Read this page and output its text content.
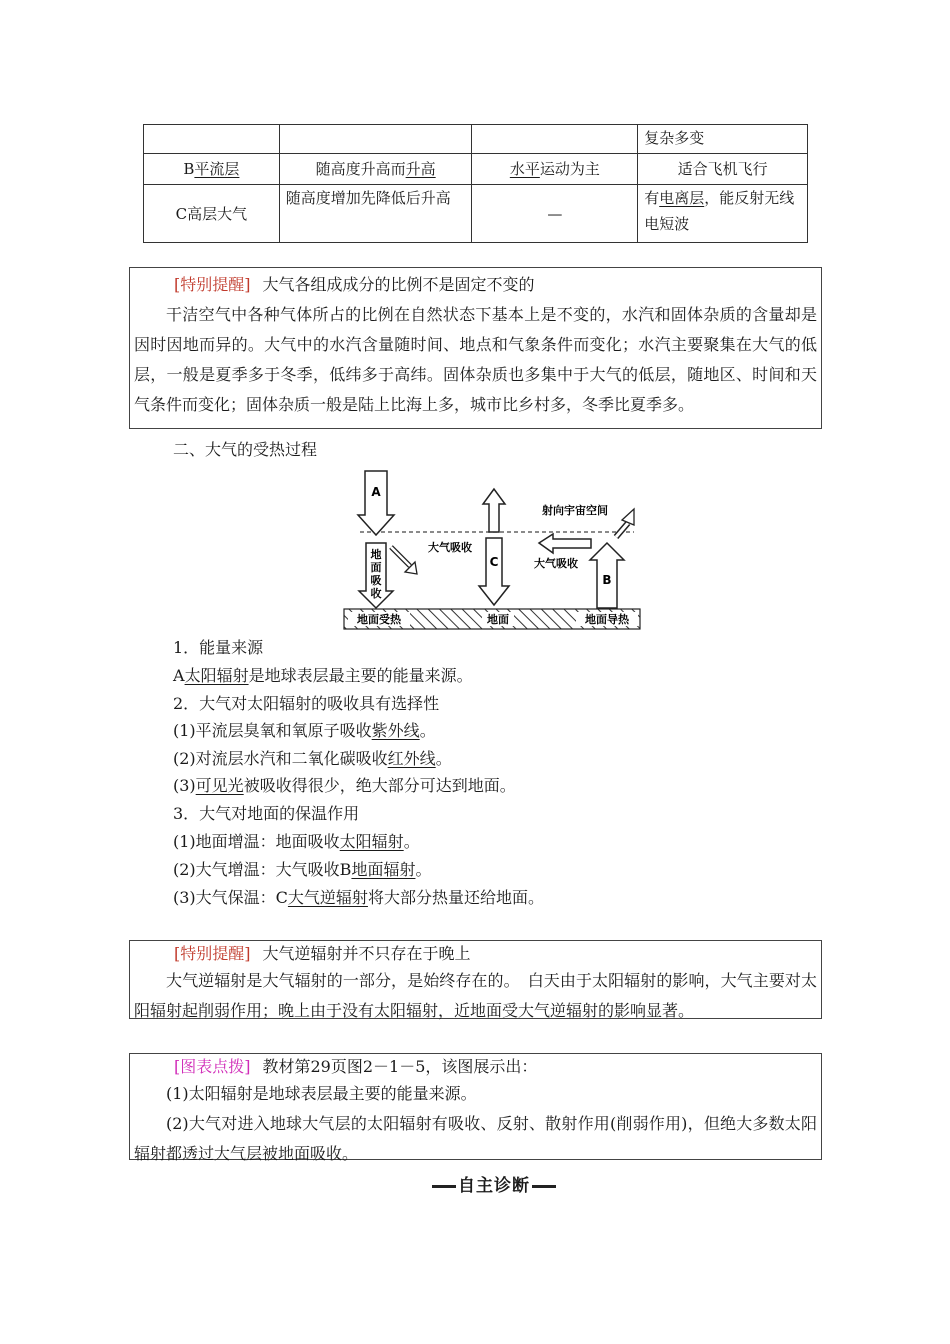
			复杂多变
B平流层	随高度升高而升高	水平运动为主	适合飞机飞行
C高层大气	随高度增加先降低后升高	—	有电离层，能反射无线电短波

[特别提醒] 大气各组成成分的比例不是固定不变的

干洁空气中各种气体所占的比例在自然状态下基本上是不变的，水汽和固体杂质的含量却是因时因地而异的。大气中的水汽含量随时间、地点和气象条件而变化；水汽主要聚集在大气的低层，一般是夏季多于冬季，低纬多于高纬。固体杂质也多集中于大气的低层，随地区、时间和天气条件而变化；固体杂质一般是陆上比海上多，城市比乡村多，冬季比夏季多。

二、大气的受热过程
地面受热	地面	地面导热
A
地
面
吸
收
大气吸收
C	大气吸收
射向宇宙空间
B
1．能量来源
A太阳辐射是地球表层最主要的能量来源。
2．大气对太阳辐射的吸收具有选择性
(1)平流层臭氧和氧原子吸收紫外线。
(2)对流层水汽和二氧化碳吸收红外线。
(3)可见光被吸收得很少，绝大部分可达到地面。
3．大气对地面的保温作用
(1)地面增温：地面吸收太阳辐射。
(2)大气增温：大气吸收B地面辐射。
(3)大气保温：C大气逆辐射将大部分热量还给地面。

[特别提醒] 大气逆辐射并不只存在于晚上

大气逆辐射是大气辐射的一部分，是始终存在的。　白天由于太阳辐射的影响，大气主要对太阳辐射起削弱作用；晚上由于没有太阳辐射，近地面受大气逆辐射的影响显著。

[图表点拨] 教材第29页图2－1－5，该图展示出：

(1)太阳辐射是地球表层最主要的能量来源。

(2)大气对进入地球大气层的太阳辐射有吸收、反射、散射作用(削弱作用)，但绝大多数太阳辐射都透过大气层被地面吸收。

自主诊断
